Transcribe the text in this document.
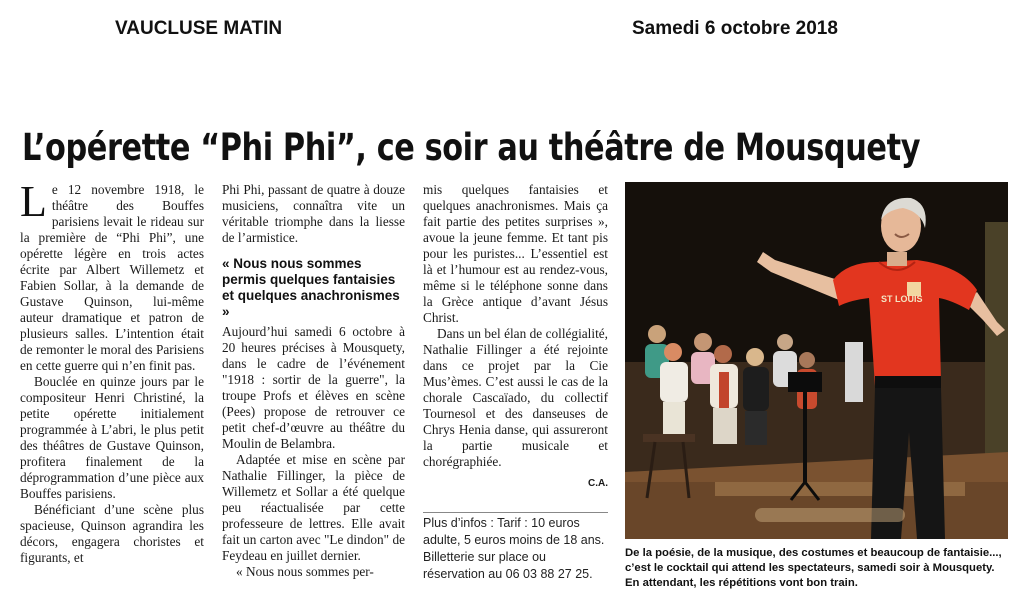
VAUCLUSE MATIN	Samedi 6 octobre 2018
L’opérette “Phi Phi”, ce soir au théâtre de Mousquety

Le 12 novembre 1918, le théâtre des Bouffes parisiens levait le rideau sur la première de “Phi Phi”, une opérette légère en trois actes écrite par Albert Willemetz et Fabien Sollar, à la demande de Gustave Quinson, lui-même auteur dramatique et patron de plusieurs salles. L’intention était de remonter le moral des Parisiens en cette guerre qui n’en finit pas.

Bouclée en quinze jours par le compositeur Henri Christiné, la petite opérette initialement programmée à L’abri, le plus petit des théâtres de Gustave Quinson, profitera finalement de la déprogrammation d’une pièce aux Bouffes parisiens.

Bénéficiant d’une scène plus spacieuse, Quinson agrandira les décors, engagera choristes et figurants, et

Phi Phi, passant de quatre à douze musiciens, connaîtra vite un véritable triomphe dans la liesse de l’armistice.

« Nous nous sommes permis quelques fantaisies et quelques anachronismes »

Aujourd’hui samedi 6 octobre à 20 heures précises à Mousquety, dans le cadre de l’événement "1918 : sortir de la guerre", la troupe Profs et élèves en scène (Pees) propose de retrouver ce petit chef-d’œuvre au théâtre du Moulin de Belambra.

Adaptée et mise en scène par Nathalie Fillinger, la pièce de Willemetz et Sollar a été quelque peu réactualisée par cette professeure de lettres. Elle avait fait un carton avec "Le dindon" de Feydeau en juillet dernier.

« Nous nous sommes per-

mis quelques fantaisies et quelques anachronismes. Mais ça fait partie des petites surprises », avoue la jeune femme. Et tant pis pour les puristes... L’essentiel est là et l’humour est au rendez-vous, même si le téléphone sonne dans la Grèce antique d’avant Jésus Christ.

Dans un bel élan de collégialité, Nathalie Fillinger a été rejointe dans ce projet par la Cie Mus’èmes. C’est aussi le cas de la chorale Cascaïado, du collectif Tournesol et des danseuses de Chrys Henia danse, qui assureront la partie musicale et chorégraphiée.

C.A.
Plus d’infos : Tarif : 10 euros adulte, 5 euros moins de 18 ans. Billetterie sur place ou réservation au 06 03 88 27 25.
ST LOUIS
De la poésie, de la musique, des costumes et beaucoup de fantaisie..., c’est le cocktail qui attend les spectateurs, samedi soir à Mousquety. En attendant, les répétitions vont bon train.
